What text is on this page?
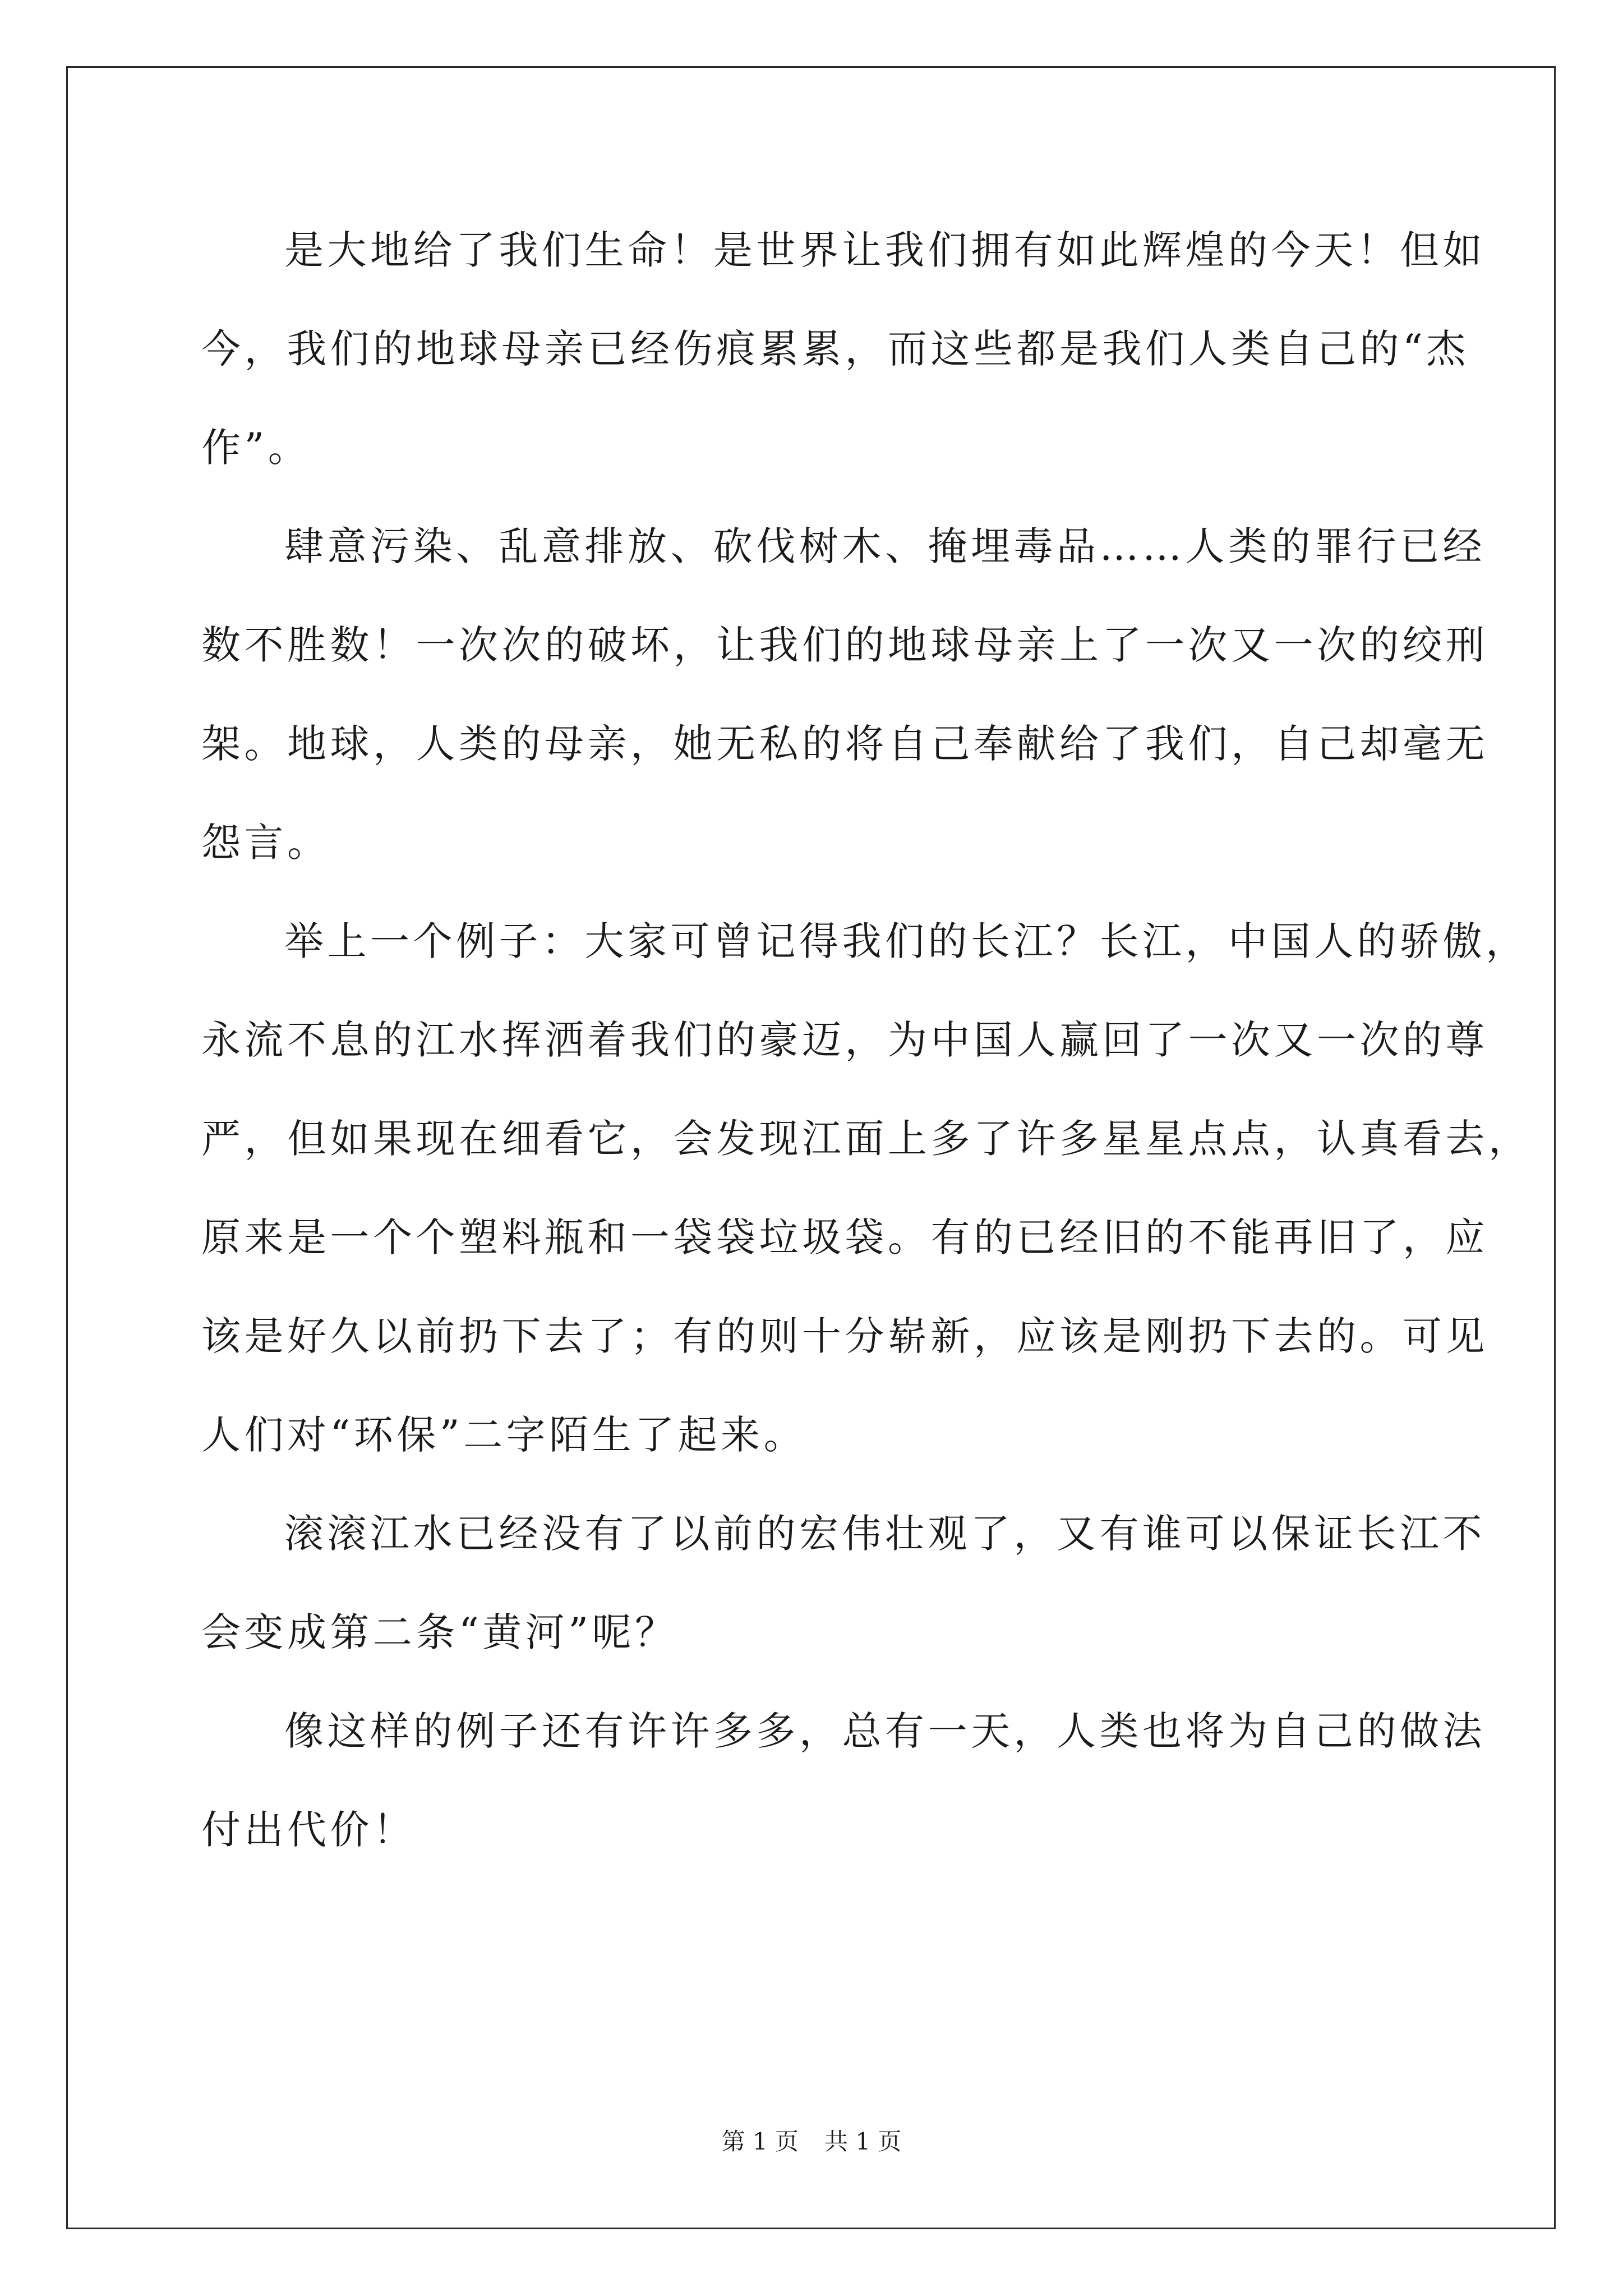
是大地给了我们生命！是世界让我们拥有如此辉煌的今天！但如
今，我们的地球母亲已经伤痕累累，而这些都是我们人类自己的“杰
作”。

肆意污染、乱意排放、砍伐树木、掩埋毒品……人类的罪行已经
数不胜数！一次次的破坏，让我们的地球母亲上了一次又一次的绞刑
架。地球，人类的母亲，她无私的将自己奉献给了我们，自己却毫无
怨言。

举上一个例子：大家可曾记得我们的长江？长江，中国人的骄傲，
永流不息的江水挥洒着我们的豪迈，为中国人赢回了一次又一次的尊
严，但如果现在细看它，会发现江面上多了许多星星点点，认真看去，
原来是一个个塑料瓶和一袋袋垃圾袋。有的已经旧的不能再旧了，应
该是好久以前扔下去了；有的则十分崭新，应该是刚扔下去的。可见
人们对“环保”二字陌生了起来。

滚滚江水已经没有了以前的宏伟壮观了，又有谁可以保证长江不
会变成第二条“黄河”呢？

像这样的例子还有许许多多，总有一天，人类也将为自己的做法
付出代价！

第 1 页 共 1 页
